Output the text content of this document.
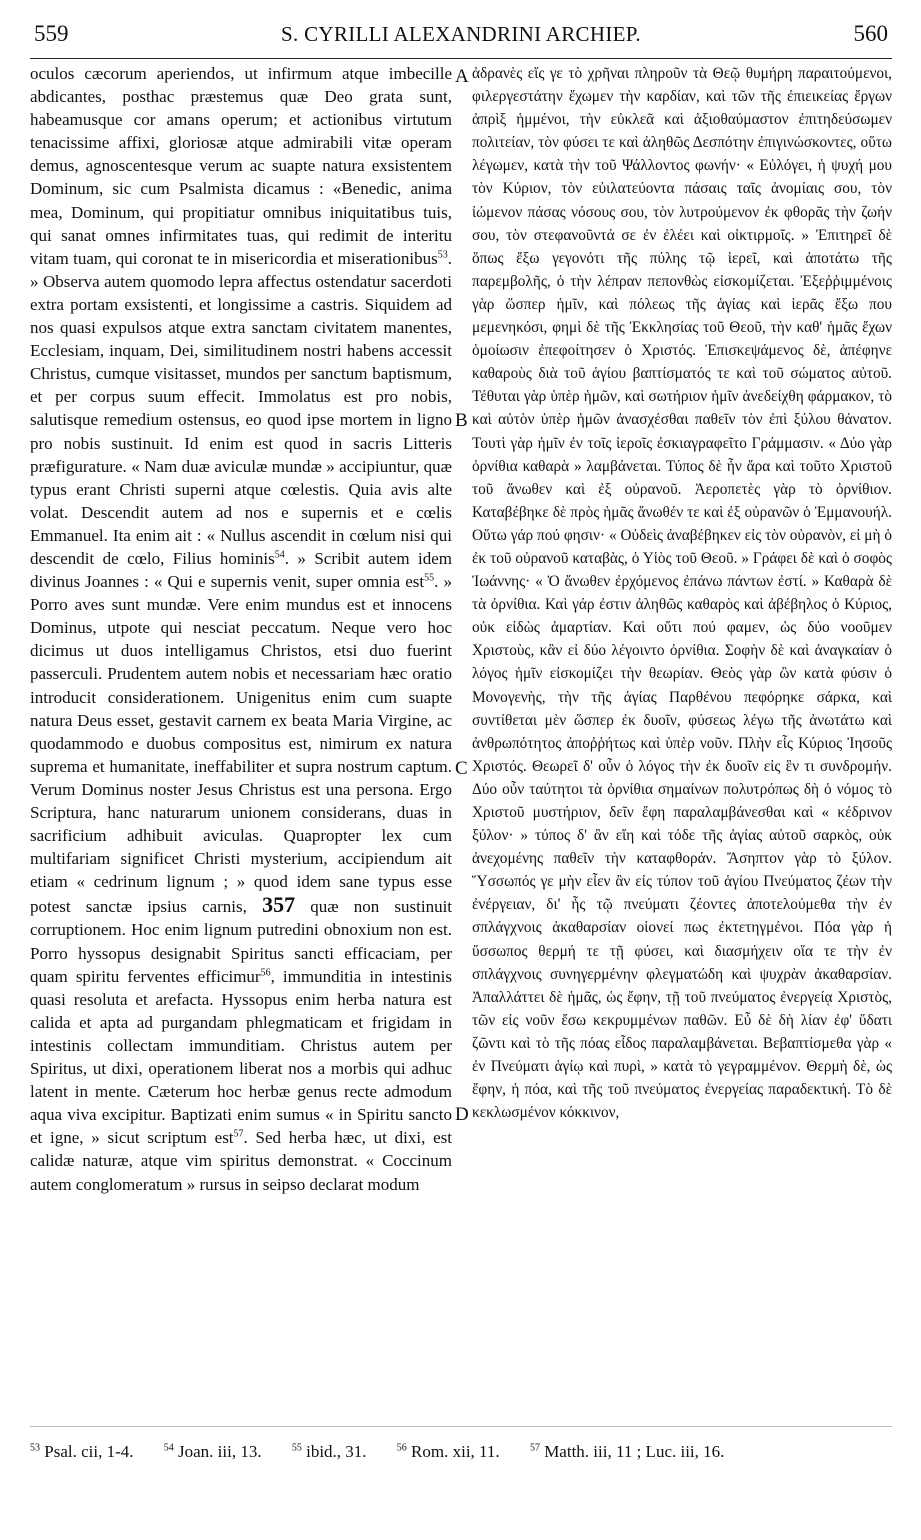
559	S. CYRILLI ALEXANDRINI ARCHIEP.	560

oculos cæcorum aperiendos, ut infirmum atque imbecille abdicantes, posthac præstemus quæ Deo grata sunt, habeamusque cor amans operum; et actionibus virtutum tenacissime affixi, gloriosæ atque admirabili vitæ operam demus, agnoscentesque verum ac suapte natura exsistentem Dominum, sic cum Psalmista dicamus : «Benedic, anima mea, Dominum, qui propitiatur omnibus iniquitatibus tuis, qui sanat omnes infirmitates tuas, qui redimit de interitu vitam tuam, qui coronat te in misericordia et miserationibus$^{53}$. » Observa autem quomodo lepra affectus ostendatur sacerdoti extra portam exsistenti, et longissime a castris. Siquidem ad nos quasi expulsos atque extra sanctam civitatem manentes, Ecclesiam, inquam, Dei, similitudinem nostri habens accessit Christus, cumque visitasset, mundos per sanctum baptismum, et per corpus suum effecit. Immolatus est pro nobis, salutisque remedium ostensus, eo quod ipse mortem in ligno pro nobis sustinuit. Id enim est quod in sacris Litteris præfigurature. « Nam duæ aviculæ mundæ » accipiuntur, quæ typus erant Christi superni atque cœlestis. Quia avis alte volat. Descendit autem ad nos e supernis et e cœlis Emmanuel. Ita enim ait : « Nullus ascendit in cœlum nisi qui descendit de cœlo, Filius hominis$^{54}$. » Scribit autem idem divinus Joannes : « Qui e supernis venit, super omnia est$^{55}$. » Porro aves sunt mundæ. Vere enim mundus est et innocens Dominus, utpote qui nesciat peccatum. Neque vero hoc dicimus ut duos intelligamus Christos, etsi duo fuerint passerculi. Prudentem autem nobis et necessariam hæc oratio introducit considerationem. Unigenitus enim cum suapte natura Deus esset, gestavit carnem ex beata Maria Virgine, ac quodammodo e duobus compositus est, nimirum ex natura suprema et humanitate, ineffabiliter et supra nostrum captum. Verum Dominus noster Jesus Christus est una persona. Ergo Scriptura, hanc naturarum unionem considerans, duas in sacrificium adhibuit aviculas. Quapropter lex cum multifariam significet Christi mysterium, accipiendum ait etiam « cedrinum lignum ; » quod idem sane typus esse potest sanctæ ipsius carnis, 357 quæ non sustinuit corruptionem. Hoc enim lignum putredini obnoxium non est. Porro hyssopus designabit Spiritus sancti efficaciam, per quam spiritu ferventes efficimur$^{56}$, immunditia in intestinis quasi resoluta et arefacta. Hyssopus enim herba natura est calida et apta ad purgandam phlegmaticam et frigidam in intestinis collectam immunditiam. Christus autem per Spiritus, ut dixi, operationem liberat nos a morbis qui adhuc latent in mente. Cæterum hoc herbæ genus recte admodum aqua viva excipitur. Baptizati enim sumus « in Spiritu sancto et igne, » sicut scriptum est$^{57}$. Sed herba hæc, ut dixi, est calidæ naturæ, atque vim spiritus demonstrat. « Coccinum autem conglomeratum » rursus in seipso declarat modum

A
B
C
D

ἀδρανὲς εἴς γε τὸ χρῆναι πληροῦν τὰ Θεῷ θυμήρη παραιτούμενοι, φιλεργεστάτην ἔχωμεν τὴν καρδίαν, καὶ τῶν τῆς ἐπιεικείας ἔργων ἀπρὶξ ἡμμένοι, τὴν εὐκλεᾶ καὶ ἀξιοθαύμαστον ἐπιτηδεύσωμεν πολιτείαν, τὸν φύσει τε καὶ ἀληθῶς Δεσπότην ἐπιγινώσκοντες, οὕτω λέγωμεν, κατὰ τὴν τοῦ Ψάλλοντος φωνήν· « Εὐλόγει, ἡ ψυχή μου τὸν Κύριον, τὸν εὐιλατεύοντα πάσαις ταῖς ἀνομίαις σου, τὸν ἰώμενον πάσας νόσους σου, τὸν λυτρούμενον ἐκ φθορᾶς τὴν ζωήν σου, τὸν στεφανοῦντά σε ἐν ἐλέει καὶ οἰκτιρμοῖς. » Ἐπιτηρεῖ δὲ ὅπως ἔξω γεγονότι τῆς πύλης τῷ ἱερεῖ, καὶ ἀποτάτω τῆς παρεμβολῆς, ὁ τὴν λέπραν πεπονθὼς εἰσκομίζεται. Ἐξεῤῥιμμένοις γὰρ ὥσπερ ἡμῖν, καὶ πόλεως τῆς ἁγίας καὶ ἱερᾶς ἔξω που μεμενηκόσι, φημὶ δὲ τῆς Ἐκκλησίας τοῦ Θεοῦ, τὴν καθ' ἡμᾶς ἔχων ὁμοίωσιν ἐπεφοίτησεν ὁ Χριστός. Ἐπισκεψάμενος δὲ, ἀπέφηνε καθαροὺς διὰ τοῦ ἁγίου βαπτίσματός τε καὶ τοῦ σώματος αὐτοῦ. Τέθυται γὰρ ὑπὲρ ἡμῶν, καὶ σωτήριον ἡμῖν ἀνεδείχθη φάρμακον, τὸ καὶ αὐτὸν ὑπὲρ ἡμῶν ἀνασχέσθαι παθεῖν τὸν ἐπὶ ξύλου θάνατον. Τουτὶ γὰρ ἡμῖν ἐν τοῖς ἱεροῖς ἐσκιαγραφεῖτο Γράμμασιν. « Δύο γὰρ ὀρνίθια καθαρὰ » λαμβάνεται. Τύπος δὲ ἦν ἄρα καὶ τοῦτο Χριστοῦ τοῦ ἄνωθεν καὶ ἐξ οὐρανοῦ. Ἀεροπετὲς γὰρ τὸ ὀρνίθιον. Καταβέβηκε δὲ πρὸς ἡμᾶς ἄνωθέν τε καὶ ἐξ οὐρανῶν ὁ Ἐμμανουήλ. Οὕτω γάρ πού φησιν· « Οὐδεὶς ἀναβέβηκεν εἰς τὸν οὐρανὸν, εἰ μὴ ὁ ἐκ τοῦ οὐρανοῦ καταβὰς, ὁ Υἱὸς τοῦ Θεοῦ. » Γράφει δὲ καὶ ὁ σοφὸς Ἰωάννης· « Ὁ ἄνωθεν ἐρχόμενος ἐπάνω πάντων ἐστί. » Καθαρὰ δὲ τὰ ὀρνίθια. Καὶ γάρ ἐστιν ἀληθῶς καθαρὸς καὶ ἀβέβηλος ὁ Κύριος, οὐκ εἰδὼς ἁμαρτίαν. Καὶ οὔτι πού φαμεν, ὡς δύο νοοῦμεν Χριστοὺς, κἂν εἰ δύο λέγοιντο ὀρνίθια. Σοφὴν δὲ καὶ ἀναγκαίαν ὁ λόγος ἡμῖν εἰσκομίζει τὴν θεωρίαν. Θεὸς γὰρ ὢν κατὰ φύσιν ὁ Μονογενὴς, τὴν τῆς ἁγίας Παρθένου πεφόρηκε σάρκα, καὶ συντίθεται μὲν ὥσπερ ἐκ δυοῖν, φύσεως λέγω τῆς ἀνωτάτω καὶ ἀνθρωπότητος ἀποῤῥήτως καὶ ὑπὲρ νοῦν. Πλὴν εἷς Κύριος Ἰησοῦς Χριστός. Θεωρεῖ δ' οὖν ὁ λόγος τὴν ἐκ δυοῖν εἰς ἓν τι συνδρομήν. Δύο οὖν ταύτητοι τὰ ὀρνίθια σημαίνων πολυτρόπως δὴ ὁ νόμος τὸ Χριστοῦ μυστήριον, δεῖν ἔφη παραλαμβάνεσθαι καὶ « κέδρινον ξύλον· » τύπος δ' ἂν εἴη καὶ τόδε τῆς ἁγίας αὐτοῦ σαρκὸς, οὐκ ἀνεχομένης παθεῖν τὴν καταφθοράν. Ἄσηπτον γὰρ τὸ ξύλον. Ὕσσωπός γε μὴν εἶεν ἂν εἰς τύπον τοῦ ἁγίου Πνεύματος ζέων τὴν ἐνέργειαν, δι' ἧς τῷ πνεύματι ζέοντες ἀποτελούμεθα τὴν ἐν σπλάγχνοις ἀκαθαρσίαν οἱονεί πως ἐκτετηγμένοι. Πόα γὰρ ἡ ὕσσωπος θερμή τε τῇ φύσει, καὶ διασμήχειν οἵα τε τὴν ἐν σπλάγχνοις συνηγερμένην φλεγματώδη καὶ ψυχρὰν ἀκαθαρσίαν. Ἀπαλλάττει δὲ ἡμᾶς, ὡς ἔφην, τῇ τοῦ πνεύματος ἐνεργείᾳ Χριστὸς, τῶν εἰς νοῦν ἔσω κεκρυμμένων παθῶν. Εὖ δὲ δὴ λίαν ἐφ' ὕδατι ζῶντι καὶ τὸ τῆς πόας εἶδος παραλαμβάνεται. Βεβαπτίσμεθα γὰρ « ἐν Πνεύματι ἁγίῳ καὶ πυρὶ, » κατὰ τὸ γεγραμμένον. Θερμὴ δὲ, ὡς ἔφην, ἡ πόα, καὶ τῆς τοῦ πνεύματος ἐνεργείας παραδεκτική. Τὸ δὲ κεκλωσμένον κόκκινον,

$^{53}$ Psal. cii, 1-4.	$^{54}$ Joan. iii, 13.	$^{55}$ ibid., 31.	$^{56}$ Rom. xii, 11.	$^{57}$ Matth. iii, 11 ; Luc. iii, 16.
